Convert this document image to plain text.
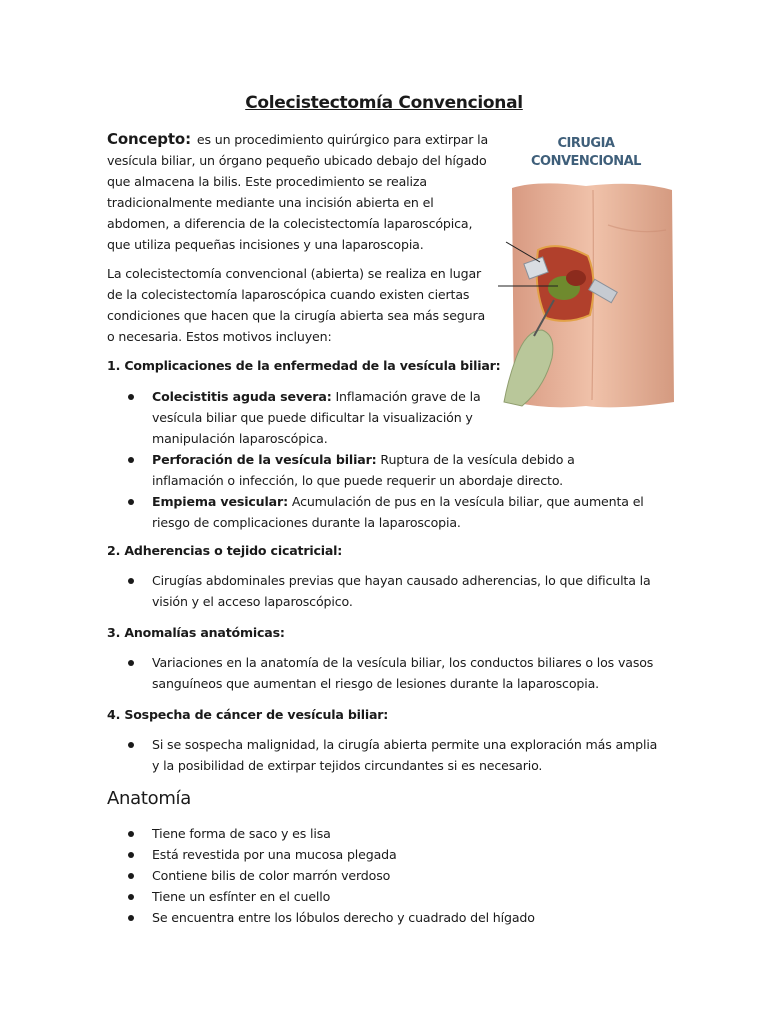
Colecistectomía Convencional
Concepto: es un procedimiento quirúrgico para extirpar la vesícula biliar, un órgano pequeño ubicado debajo del hígado que almacena la bilis. Este procedimiento se realiza tradicionalmente mediante una incisión abierta en el abdomen, a diferencia de la colecistectomía laparoscópica, que utiliza pequeñas incisiones y una laparoscopia.
La colecistectomía convencional (abierta) se realiza en lugar de la colecistectomía laparoscópica cuando existen ciertas condiciones que hacen que la cirugía abierta sea más segura o necesaria. Estos motivos incluyen:
CIRUGIA
CONVENCIONAL
1. Complicaciones de la enfermedad de la vesícula biliar:
Colecistitis aguda severa: Inflamación grave de la vesícula biliar que puede dificultar la visualización y manipulación laparoscópica.
Perforación de la vesícula biliar: Ruptura de la vesícula debido a inflamación o infección, lo que puede requerir un abordaje directo.
Empiema vesicular: Acumulación de pus en la vesícula biliar, que aumenta el riesgo de complicaciones durante la laparoscopia.
2. Adherencias o tejido cicatricial:
Cirugías abdominales previas que hayan causado adherencias, lo que dificulta la visión y el acceso laparoscópico.
3. Anomalías anatómicas:
Variaciones en la anatomía de la vesícula biliar, los conductos biliares o los vasos sanguíneos que aumentan el riesgo de lesiones durante la laparoscopia.
4. Sospecha de cáncer de vesícula biliar:
Si se sospecha malignidad, la cirugía abierta permite una exploración más amplia y la posibilidad de extirpar tejidos circundantes si es necesario.
Anatomía
Tiene forma de saco y es lisa
Está revestida por una mucosa plegada
Contiene bilis de color marrón verdoso
Tiene un esfínter en el cuello
Se encuentra entre los lóbulos derecho y cuadrado del hígado
